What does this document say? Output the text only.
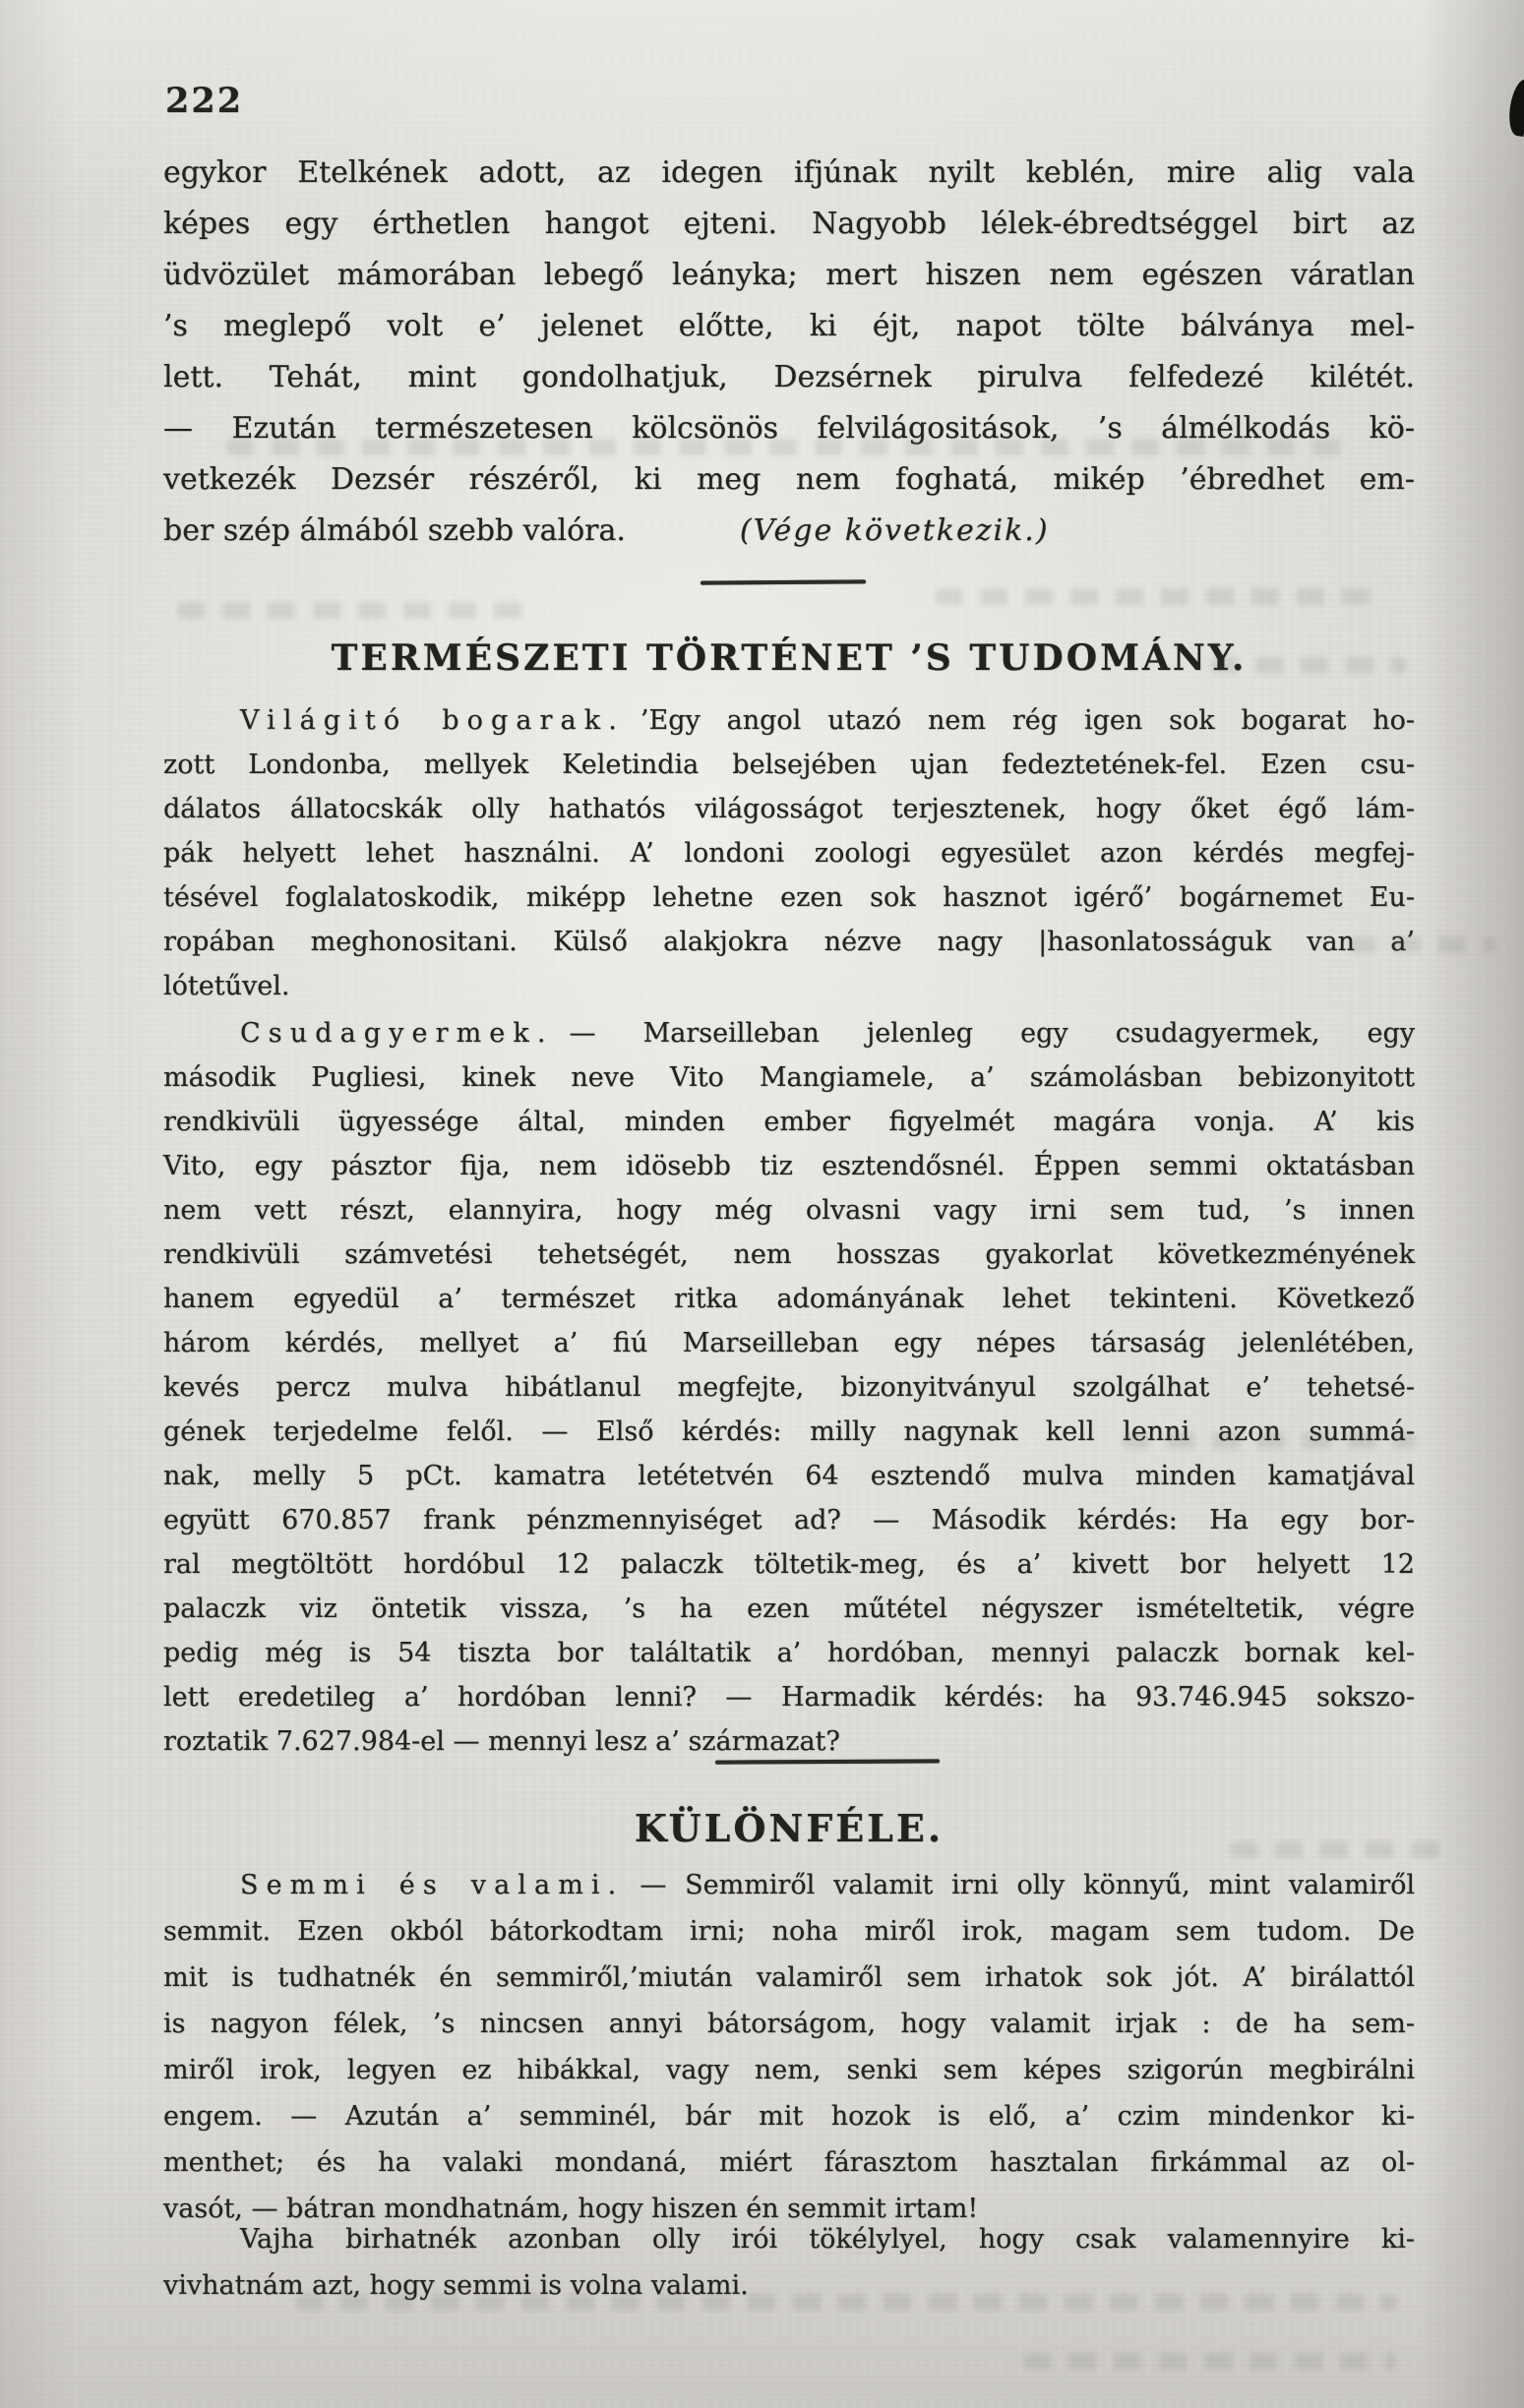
222
egykor Etelkének adott, az idegen ifjúnak nyilt keblén, mire alig vala
képes egy érthetlen hangot ejteni. Nagyobb lélek-ébredtséggel birt az
üdvözület mámorában lebegő leányka; mert hiszen nem egészen váratlan
’s meglepő volt e’ jelenet előtte, ki éjt, napot tölte bálványa mel-
lett. Tehát, mint gondolhatjuk, Dezsérnek pirulva felfedezé kilétét.
— Ezután természetesen kölcsönös felvilágositások, ’s álmélkodás kö-
vetkezék Dezsér részéről, ki meg nem foghatá, mikép ’ébredhet em-
ber szép álmából szebb valóra.	(Vége következik.)
TERMÉSZETI TÖRTÉNET ’S TUDOMÁNY.
Világitó bogarak. ’Egy angol utazó nem rég igen sok bogarat ho-
zott Londonba, mellyek Keletindia belsejében ujan fedeztetének-fel. Ezen csu-
dálatos állatocskák olly hathatós világosságot terjesztenek, hogy őket égő lám-
pák helyett lehet használni. A’ londoni zoologi egyesület azon kérdés megfej-
tésével foglalatoskodik, miképp lehetne ezen sok hasznot igérő’ bogárnemet Eu-
ropában meghonositani. Külső alakjokra nézve nagy |hasonlatosságuk van a’
lótetűvel.
Csudagyermek. — Marseilleban jelenleg egy csudagyermek, egy
második Pugliesi, kinek neve Vito Mangiamele, a’ számolásban bebizonyitott
rendkivüli ügyessége által, minden ember figyelmét magára vonja. A’ kis
Vito, egy pásztor fija, nem idösebb tiz esztendősnél. Éppen semmi oktatásban
nem vett részt, elannyira, hogy még olvasni vagy irni sem tud, ’s innen
rendkivüli számvetési tehetségét, nem hosszas gyakorlat következményének
hanem egyedül a’ természet ritka adományának lehet tekinteni. Következő
három kérdés, mellyet a’ fiú Marseilleban egy népes társaság jelenlétében,
kevés percz mulva hibátlanul megfejte, bizonyitványul szolgálhat e’ tehetsé-
gének terjedelme felől. — Első kérdés: milly nagynak kell lenni azon summá-
nak, melly 5 pCt. kamatra letétetvén 64 esztendő mulva minden kamatjával
együtt 670.857 frank pénzmennyiséget ad? — Második kérdés: Ha egy bor-
ral megtöltött hordóbul 12 palaczk töltetik-meg, és a’ kivett bor helyett 12
palaczk viz öntetik vissza, ’s ha ezen műtétel négyszer ismételtetik, végre
pedig még is 54 tiszta bor találtatik a’ hordóban, mennyi palaczk bornak kel-
lett eredetileg a’ hordóban lenni? — Harmadik kérdés: ha 93.746.945 sokszo-
roztatik 7.627.984-el — mennyi lesz a’ származat?
KÜLÖNFÉLE.
Semmi és valami. — Semmiről valamit irni olly könnyű, mint valamiről
semmit. Ezen okból bátorkodtam irni; noha miről irok, magam sem tudom. De
mit is tudhatnék én semmiről,’miután valamiről sem irhatok sok jót. A’ birálattól
is nagyon félek, ’s nincsen annyi bátorságom, hogy valamit irjak : de ha sem-
miről irok, legyen ez hibákkal, vagy nem, senki sem képes szigorún megbirálni
engem. — Azután a’ semminél, bár mit hozok is elő, a’ czim mindenkor ki-
menthet; és ha valaki mondaná, miért fárasztom hasztalan firkámmal az ol-
vasót, — bátran mondhatnám, hogy hiszen én semmit irtam!
Vajha birhatnék azonban olly irói tökélylyel, hogy csak valamennyire ki-
vivhatnám azt, hogy semmi is volna valami.
